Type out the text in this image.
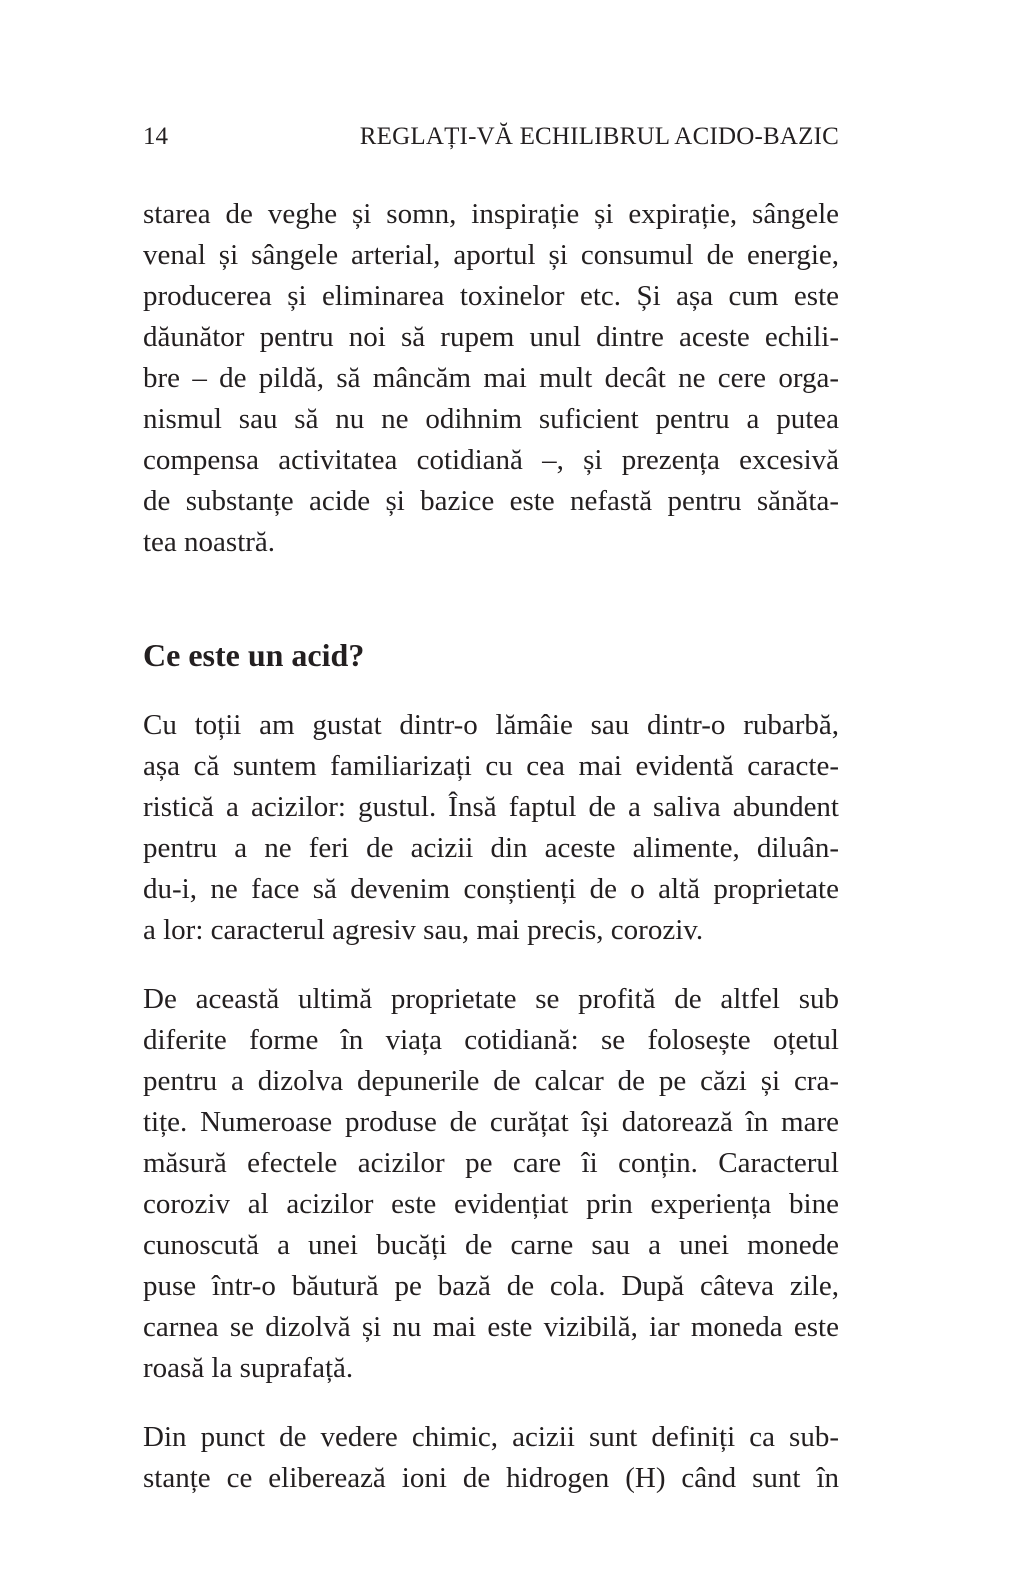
14	REGLAȚI-VĂ ECHILIBRUL ACIDO-BAZIC

starea de veghe și somn, inspirație și expirație, sângele
venal și sângele arterial, aportul și consumul de energie,
producerea și eliminarea toxinelor etc. Și așa cum este
dăunător pentru noi să rupem unul dintre aceste echili-
bre – de pildă, să mâncăm mai mult decât ne cere orga-
nismul sau să nu ne odihnim suficient pentru a putea
compensa activitatea cotidiană –, și prezența excesivă
de substanțe acide și bazice este nefastă pentru sănăta-
tea noastră.

Ce este un acid?

Cu toții am gustat dintr-o lămâie sau dintr-o rubarbă,
așa că suntem familiarizați cu cea mai evidentă caracte-
ristică a acizilor: gustul. Însă faptul de a saliva abundent
pentru a ne feri de acizii din aceste alimente, diluân-
du-i, ne face să devenim conștienți de o altă proprietate
a lor: caracterul agresiv sau, mai precis, coroziv.

De această ultimă proprietate se profită de altfel sub
diferite forme în viața cotidiană: se folosește oțetul
pentru a dizolva depunerile de calcar de pe căzi și cra-
tițe. Numeroase produse de curățat își datorează în mare
măsură efectele acizilor pe care îi conțin. Caracterul
coroziv al acizilor este evidențiat prin experiența bine
cunoscută a unei bucăți de carne sau a unei monede
puse într-o băutură pe bază de cola. După câteva zile,
carnea se dizolvă și nu mai este vizibilă, iar moneda este
roasă la suprafață.

Din punct de vedere chimic, acizii sunt definiți ca sub-
stanțe ce eliberează ioni de hidrogen (H) când sunt în
